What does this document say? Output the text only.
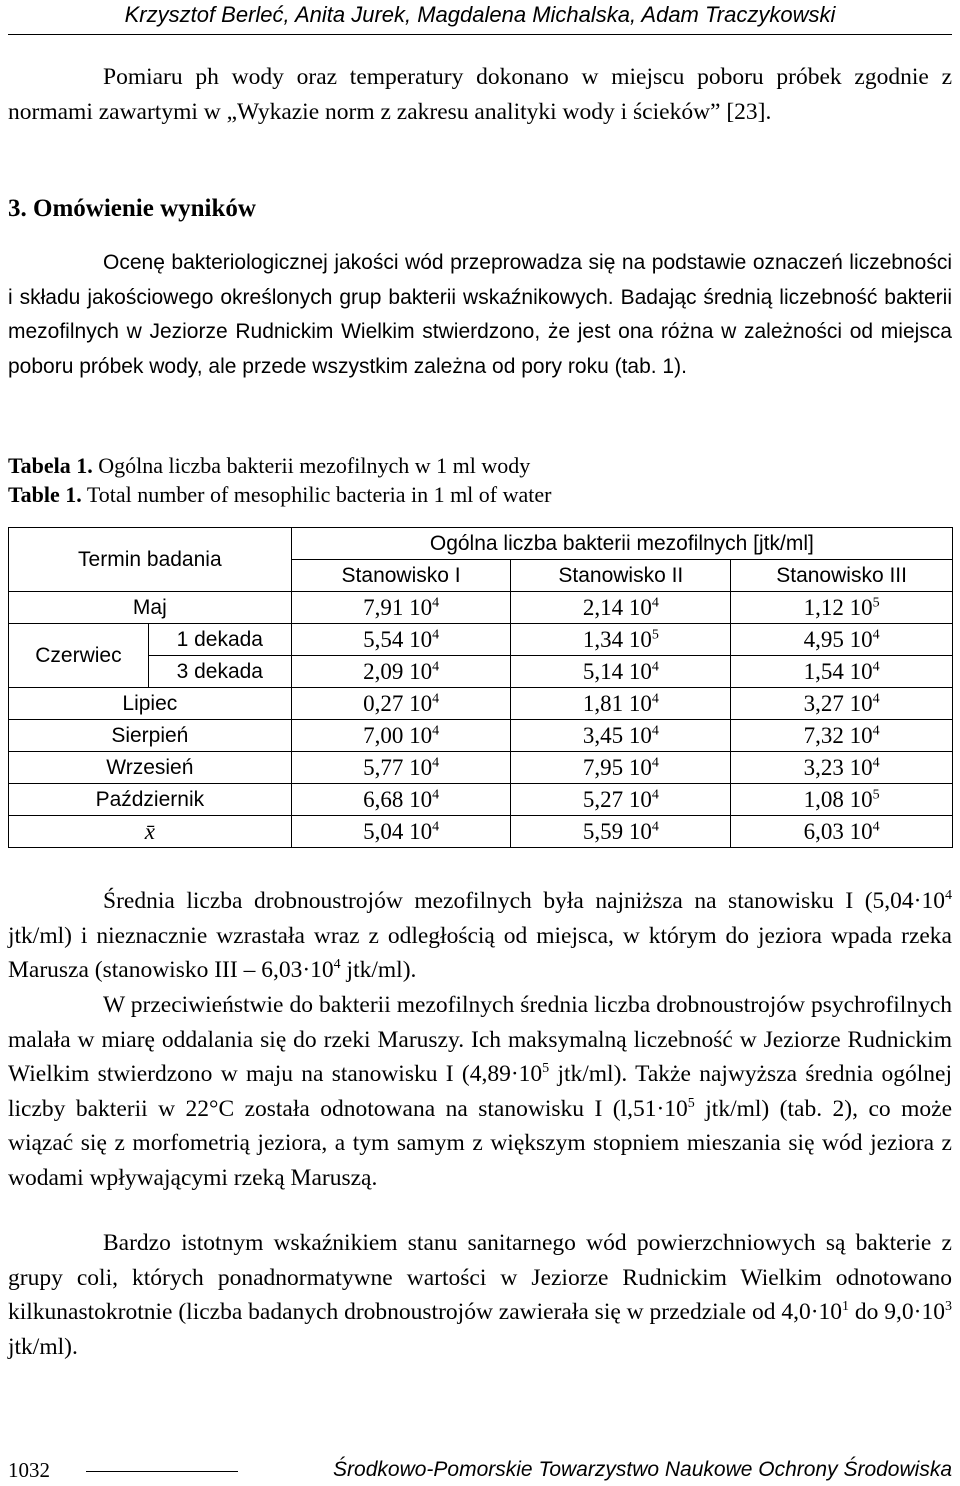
Krzysztof Berleć, Anita Jurek, Magdalena Michalska, Adam Traczykowski
Pomiaru ph wody oraz temperatury dokonano w miejscu poboru próbek zgodnie z normami zawartymi w „Wykazie norm z zakresu analityki wody i ścieków” [23].
3. Omówienie wyników
Ocenę bakteriologicznej jakości wód przeprowadza się na podstawie oznaczeń liczebności i składu jakościowego określonych grup bakterii wskaźnikowych. Badając średnią liczebność bakterii mezofilnych w Jeziorze Rudnickim Wielkim stwierdzono, że jest ona różna w zależności od miejsca poboru próbek wody, ale przede wszystkim zależna od pory roku (tab. 1).
Tabela 1. Ogólna liczba bakterii mezofilnych w 1 ml wody
Table 1. Total number of mesophilic bacteria in 1 ml of water
Termin badania		Ogólna liczba bakterii mezofilnych [jtk/ml]		
		Stanowisko I	Stanowisko II	Stanowisko III
Maj		7,91 $10^4$	2,14 $10^4$	1,12 $10^5$
Czerwiec	1 dekada	5,54 $10^4$	1,34 $10^5$	4,95 $10^4$
	3 dekada	2,09 $10^4$	5,14 $10^4$	1,54 $10^4$
Lipiec		0,27 $10^4$	1,81 $10^4$	3,27 $10^4$
Sierpień		7,00 $10^4$	3,45 $10^4$	7,32 $10^4$
Wrzesień		5,77 $10^4$	7,95 $10^4$	3,23 $10^4$
Październik		6,68 $10^4$	5,27 $10^4$	1,08 $10^5$
x̄		5,04 $10^4$	5,59 $10^4$	6,03 $10^4$
Średnia liczba drobnoustrojów mezofilnych była najniższa na stanowisku I ($5,04\cdot 10^4$ jtk/ml) i nieznacznie wzrastała wraz z odległością od miejsca, w którym do jeziora wpada rzeka Marusza (stanowisko III – $6,03\cdot 10^4$ jtk/ml).
W przeciwieństwie do bakterii mezofilnych średnia liczba drobnoustrojów psychrofilnych malała w miarę oddalania się do rzeki Maruszy. Ich maksymalną liczebność w Jeziorze Rudnickim Wielkim stwierdzono w maju na stanowisku I ($4,89\cdot 10^5$ jtk/ml). Także najwyższa średnia ogólnej liczby bakterii w 22°C została odnotowana na stanowisku I ($l,51\cdot 10^5$ jtk/ml) (tab. 2), co może wiązać się z morfometrią jeziora, a tym samym z większym stopniem mieszania się wód jeziora z wodami wpływającymi rzeką Maruszą.
Bardzo istotnym wskaźnikiem stanu sanitarnego wód powierzchniowych są bakterie z grupy coli, których ponadnormatywne wartości w Jeziorze Rudnickim Wielkim odnotowano kilkunastokrotnie (liczba badanych drobnoustrojów zawierała się w przedziale od $4,0\cdot 10^1$ do $9,0\cdot 10^3$ jtk/ml).
1032	Środkowo-Pomorskie Towarzystwo Naukowe Ochrony Środowiska
